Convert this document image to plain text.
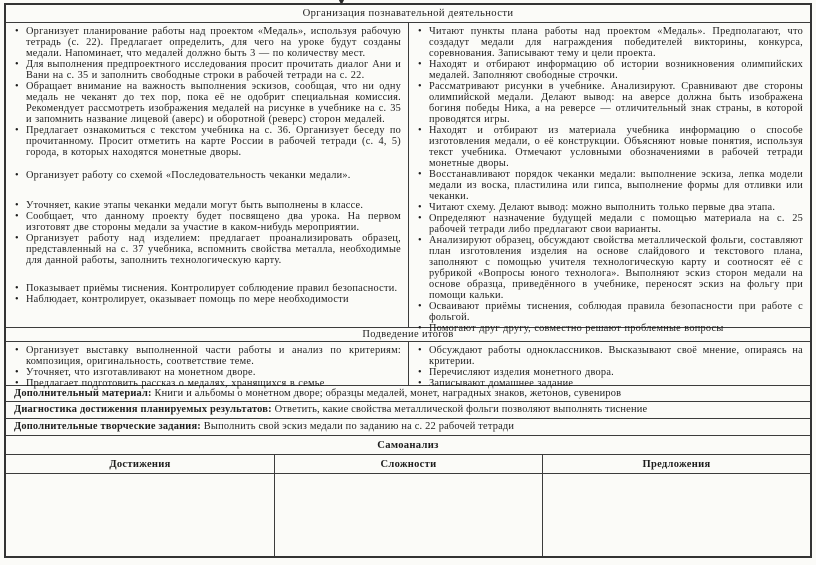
▼
Организация познавательной деятельности

• Организует планирование работы над проектом «Медаль», используя рабочую тетрадь (с. 22). Предлагает определить, для чего на уроке будут созданы медали. Напоминает, что медалей должно быть 3 — по количеству мест.

• Для выполнения предпроектного исследования просит прочитать диалог Ани и Вани на с. 35 и заполнить свободные строки в рабочей тетради на с. 22.

• Обращает внимание на важность выполнения эскизов, сообщая, что ни одну медаль не чеканят до тех пор, пока её не одобрит специальная комиссия. Рекомендует рассмотреть изображения медалей на рисунке в учебнике на с. 35 и запомнить название лицевой (аверс) и оборотной (реверс) сторон медалей.

• Предлагает ознакомиться с текстом учебника на с. 36. Организует беседу по прочитанному. Просит отметить на карте России в рабочей тетради (с. 4, 5) города, в которых находятся монетные дворы.

• Организует работу со схемой «Последовательность чеканки медали».

• Уточняет, какие этапы чеканки медали могут быть выполнены в классе.

• Сообщает, что данному проекту будет посвящено два урока. На первом изготовят две стороны медали за участие в каком-нибудь мероприятии.

• Организует работу над изделием: предлагает проанализировать образец, представленный на с. 37 учебника, вспомнить свойства металла, необходимые для данной работы, заполнить технологическую карту.

• Показывает приёмы тиснения. Контролирует соблюдение правил безопасности.

• Наблюдает, контролирует, оказывает помощь по мере необходимости

• Читают пункты плана работы над проектом «Медаль». Предполагают, что создадут медали для награждения победителей викторины, конкурса, соревнования. Записывают тему и цели проекта.

• Находят и отбирают информацию об истории возникновения олимпийских медалей. Заполняют свободные строчки.

• Рассматривают рисунки в учебнике. Анализируют. Сравнивают две стороны олимпийской медали. Делают вывод: на аверсе должна быть изображена богиня победы Ника, а на реверсе — отличительный знак страны, в которой проводятся игры.

• Находят и отбирают из материала учебника информацию о способе изготовления медали, о её конструкции. Объясняют новые понятия, используя текст учебника. Отмечают условными обозначениями в рабочей тетради монетные дворы.

• Восстанавливают порядок чеканки медали: выполнение эскиза, лепка модели медали из воска, пластилина или гипса, выполнение формы для отливки или чеканки.

• Читают схему. Делают вывод: можно выполнить только первые два этапа.

• Определяют назначение будущей медали с помощью материала на с. 25 рабочей тетради либо предлагают свои варианты.

• Анализируют образец, обсуждают свойства металлической фольги, составляют план изготовления изделия на основе слайдового и текстового плана, заполняют с помощью учителя технологическую карту и соотносят её с рубрикой «Вопросы юного технолога». Выполняют эскиз сторон медали на основе образца, приведённого в учебнике, переносят эскиз на фольгу при помощи кальки.

• Осваивают приёмы тиснения, соблюдая правила безопасности при работе с фольгой.

• Помогают друг другу, совместно решают проблемные вопросы

Подведение итогов

• Организует выставку выполненной части работы и анализ по критериям: композиция, оригинальность, соответствие теме.

• Уточняет, что изготавливают на монетном дворе.

• Предлагает подготовить рассказ о медалях, хранящихся в семье

• Обсуждают работы одноклассников. Высказывают своё мнение, опираясь на критерии.

• Перечисляют изделия монетного двора.

• Записывают домашнее задание

Дополнительный материал: Книги и альбомы о монетном дворе; образцы медалей, монет, наградных знаков, жетонов, сувениров
Диагностика достижения планируемых результатов: Ответить, какие свойства металлической фольги позволяют выполнять тиснение
Дополнительные творческие задания: Выполнить свой эскиз медали по заданию на с. 22 рабочей тетради
Самоанализ
Достижения	Сложности	Предложения
